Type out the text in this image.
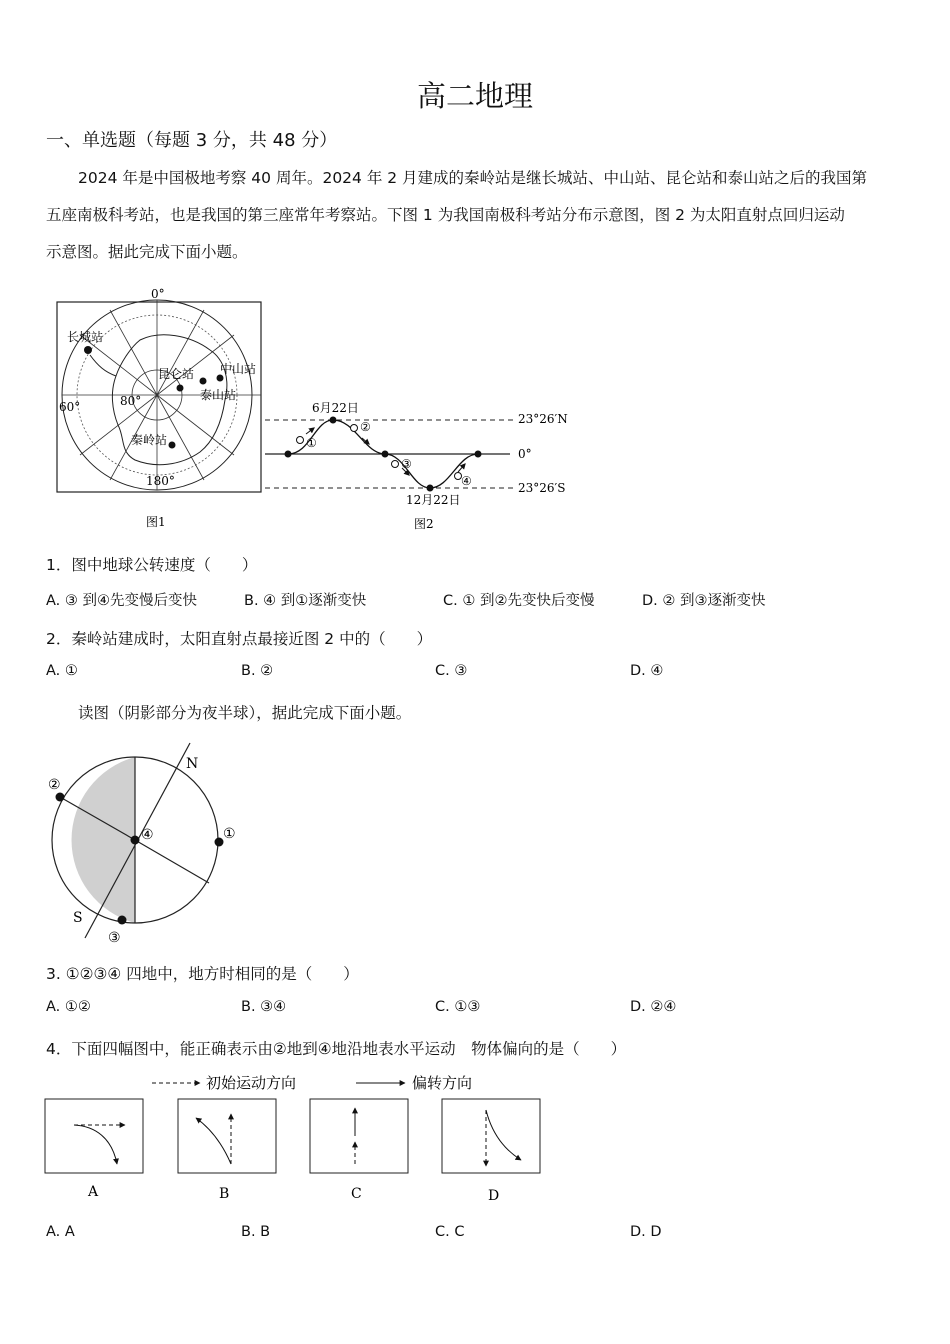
高二地理
一、单选题（每题 3 分，共 48 分）
2024 年是中国极地考察 40 周年。2024 年 2 月建成的秦岭站是继长城站、中山站、昆仑站和泰山站之后的我国第
五座南极科考站，也是我国的第三座常年考察站。下图 1 为我国南极科考站分布示意图，图 2 为太阳直射点回归运动
示意图。据此完成下面小题。
0°
180°
60°	80°
长城站
昆仑站 中山站
泰山站
秦岭站
图1
①
②
③
④
6月22日
12月22日
23°26′N
0°
23°26′S
图2
1．图中地球公转速度（　　）
A. ③ 到④先变慢后变快	B. ④ 到①逐渐变快	C. ① 到②先变快后变慢	D. ② 到③逐渐变快
2．秦岭站建成时，太阳直射点最接近图 2 中的（　　）
A. ①	B. ②	C. ③	D. ④
读图（阴影部分为夜半球），据此完成下面小题。
N
S
①
②
③
④
3. ①②③④ 四地中，地方时相同的是（　　）
A. ①②	B. ③④	C. ①③	D. ②④
4．下面四幅图中，能正确表示由②地到④地沿地表水平运动　物体偏向的是（　　）
初始运动方向	偏转方向
A	B	C	D
A. A	B. B	C. C	D. D
